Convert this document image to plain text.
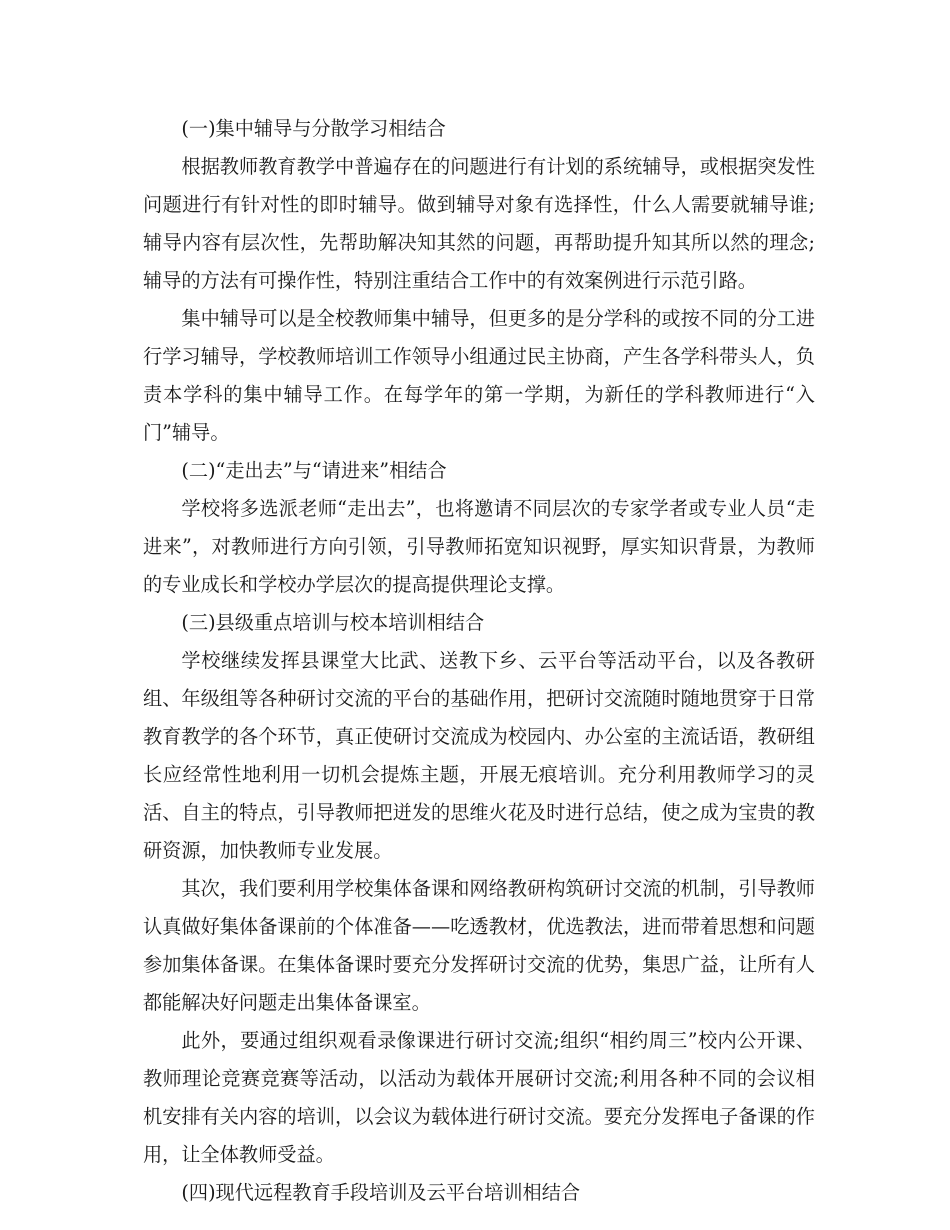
(一)集中辅导与分散学习相结合

根据教师教育教学中普遍存在的问题进行有计划的系统辅导，或根据突发性问题进行有针对性的即时辅导。做到辅导对象有选择性，什么人需要就辅导谁;辅导内容有层次性，先帮助解决知其然的问题，再帮助提升知其所以然的理念;辅导的方法有可操作性，特别注重结合工作中的有效案例进行示范引路。

集中辅导可以是全校教师集中辅导，但更多的是分学科的或按不同的分工进行学习辅导，学校教师培训工作领导小组通过民主协商，产生各学科带头人，负责本学科的集中辅导工作。在每学年的第一学期，为新任的学科教师进行“入门”辅导。

(二)“走出去”与“请进来”相结合

学校将多选派老师“走出去”，也将邀请不同层次的专家学者或专业人员“走进来”，对教师进行方向引领，引导教师拓宽知识视野，厚实知识背景，为教师的专业成长和学校办学层次的提高提供理论支撑。

(三)县级重点培训与校本培训相结合

学校继续发挥县课堂大比武、送教下乡、云平台等活动平台，以及各教研组、年级组等各种研讨交流的平台的基础作用，把研讨交流随时随地贯穿于日常教育教学的各个环节，真正使研讨交流成为校园内、办公室的主流话语，教研组长应经常性地利用一切机会提炼主题，开展无痕培训。充分利用教师学习的灵活、自主的特点，引导教师把迸发的思维火花及时进行总结，使之成为宝贵的教研资源，加快教师专业发展。

其次，我们要利用学校集体备课和网络教研构筑研讨交流的机制，引导教师认真做好集体备课前的个体准备——吃透教材，优选教法，进而带着思想和问题参加集体备课。在集体备课时要充分发挥研讨交流的优势，集思广益，让所有人都能解决好问题走出集体备课室。

此外，要通过组织观看录像课进行研讨交流;组织“相约周三”校内公开课、教师理论竞赛竞赛等活动，以活动为载体开展研讨交流;利用各种不同的会议相机安排有关内容的培训，以会议为载体进行研讨交流。要充分发挥电子备课的作用，让全体教师受益。

(四)现代远程教育手段培训及云平台培训相结合
